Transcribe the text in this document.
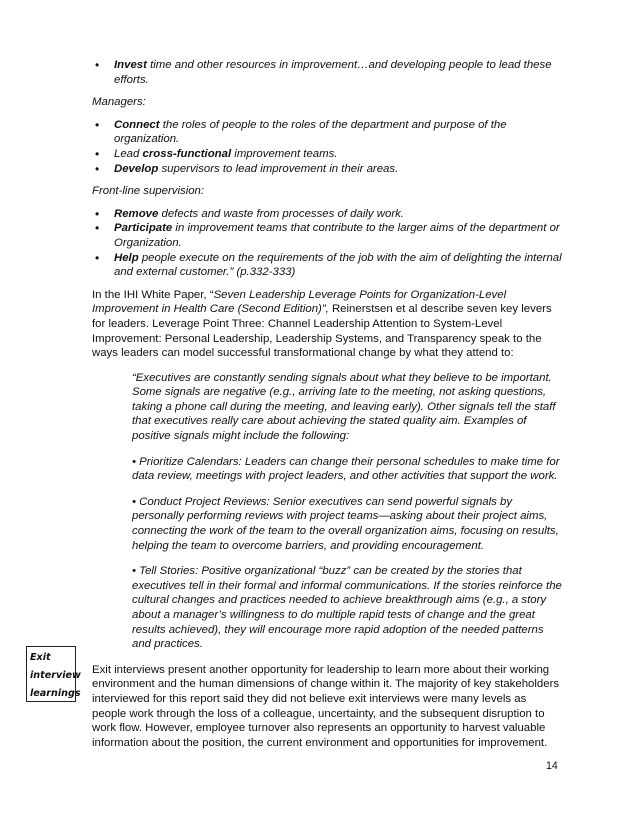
• Invest time and other resources in improvement…and developing people to lead these efforts.
Managers:
• Connect the roles of people to the roles of the department and purpose of the organization.
• Lead cross-functional improvement teams.
• Develop supervisors to lead improvement in their areas.
Front-line supervision:
• Remove defects and waste from processes of daily work.
• Participate in improvement teams that contribute to the larger aims of the department or Organization.
• Help people execute on the requirements of the job with the aim of delighting the internal and external customer.” (p.332-333)

In the IHI White Paper, “Seven Leadership Leverage Points for Organization-Level Improvement in Health Care (Second Edition)”, Reinerstsen et al describe seven key levers for leaders. Leverage Point Three: Channel Leadership Attention to System-Level Improvement: Personal Leadership, Leadership Systems, and Transparency speak to the ways leaders can model successful transformational change by what they attend to:

“Executives are constantly sending signals about what they believe to be important. Some signals are negative (e.g., arriving late to the meeting, not asking questions, taking a phone call during the meeting, and leaving early). Other signals tell the staff that executives really care about achieving the stated quality aim. Examples of positive signals might include the following:

• Prioritize Calendars: Leaders can change their personal schedules to make time for data review, meetings with project leaders, and other activities that support the work.

• Conduct Project Reviews: Senior executives can send powerful signals by personally performing reviews with project teams—asking about their project aims, connecting the work of the team to the overall organization aims, focusing on results, helping the team to overcome barriers, and providing encouragement.

• Tell Stories: Positive organizational “buzz” can be created by the stories that executives tell in their formal and informal communications. If the stories reinforce the cultural changes and practices needed to achieve breakthrough aims (e.g., a story about a manager’s willingness to do multiple rapid tests of change and the great results achieved), they will encourage more rapid adoption of the needed patterns and practices.

Exit interviews present another opportunity for leadership to learn more about their working environment and the human dimensions of change within it. The majority of key stakeholders interviewed for this report said they did not believe exit interviews were many levels as people work through the loss of a colleague, uncertainty, and the subsequent disruption to work flow. However, employee turnover also represents an opportunity to harvest valuable information about the position, the current environment and opportunities for improvement.

Exit
interview
learnings
14
